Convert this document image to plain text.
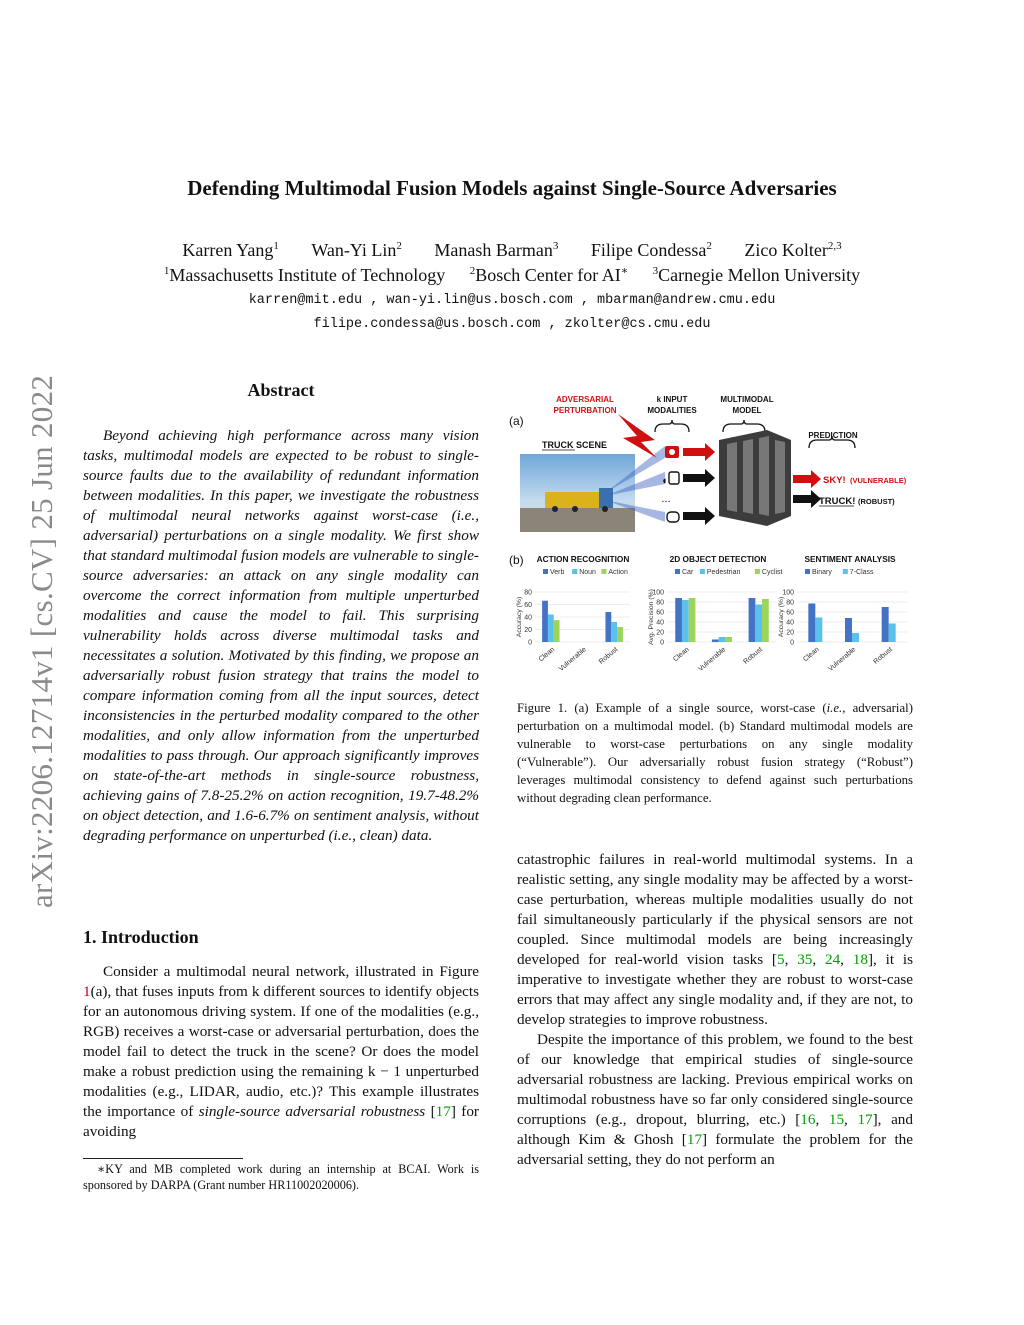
arXiv:2206.12714v1 [cs.CV] 25 Jun 2022
Defending Multimodal Fusion Models against Single-Source Adversaries
Karren Yang$^1$ Wan-Yi Lin$^2$ Manash Barman$^3$ Filipe Condessa$^2$ Zico Kolter$^{2,3}$
$^1$Massachusetts Institute of Technology $^2$Bosch Center for AI∗ $^3$Carnegie Mellon University
karren@mit.edu , wan-yi.lin@us.bosch.com , mbarman@andrew.cmu.edu
filipe.condessa@us.bosch.com , zkolter@cs.cmu.edu
Abstract
Beyond achieving high performance across many vision tasks, multimodal models are expected to be robust to single-source faults due to the availability of redundant information between modalities. In this paper, we investigate the robustness of multimodal neural networks against worst-case (i.e., adversarial) perturbations on a single modality. We first show that standard multimodal fusion models are vulnerable to single-source adversaries: an attack on any single modality can overcome the correct information from multiple unperturbed modalities and cause the model to fail. This surprising vulnerability holds across diverse multimodal tasks and necessitates a solution. Motivated by this finding, we propose an adversarially robust fusion strategy that trains the model to compare information coming from all the input sources, detect inconsistencies in the perturbed modality compared to the other modalities, and only allow information from the unperturbed modalities to pass through. Our approach significantly improves on state-of-the-art methods in single-source robustness, achieving gains of 7.8-25.2% on action recognition, 19.7-48.2% on object detection, and 1.6-6.7% on sentiment analysis, without degrading performance on unperturbed (i.e., clean) data.
1. Introduction
Consider a multimodal neural network, illustrated in Figure 1(a), that fuses inputs from k different sources to identify objects for an autonomous driving system. If one of the modalities (e.g., RGB) receives a worst-case or adversarial perturbation, does the model fail to detect the truck in the scene? Or does the model make a robust prediction using the remaining k − 1 unperturbed modalities (e.g., LIDAR, audio, etc.)? This example illustrates the importance of single-source adversarial robustness [17] for avoiding
∗KY and MB completed work during an internship at BCAI. Work is sponsored by DARPA (Grant number HR11002020006).
(a)
ADVERSARIAL
PERTURBATION
k INPUT
MODALITIES
MULTIMODAL
MODEL
PREDICTION
TRUCK SCENE
◖
...
SKY! (VULNERABLE)
TRUCK! (ROBUST)
(b) ACTION RECOGNITION
Verb Noun Action
Accuracy (%)
0
20
40
60
80
Clean Vulnerable Robust
2D OBJECT DETECTION
Car Pedestrian	Cyclist
Avg. Precision (%) 0
20
40
60
80
100
Clean Vulnerable Robust
SENTIMENT ANALYSIS
Binary	7-Class
Accuracy (%)
0
20
40
60
80
100
Clean Vulnerable Robust
Figure 1. (a) Example of a single source, worst-case (i.e., adversarial) perturbation on a multimodal model. (b) Standard multimodal models are vulnerable to worst-case perturbations on any single modality (“Vulnerable”). Our adversarially robust fusion strategy (“Robust”) leverages multimodal consistency to defend against such perturbations without degrading clean performance.

catastrophic failures in real-world multimodal systems. In a realistic setting, any single modality may be affected by a worst-case perturbation, whereas multiple modalities usually do not fail simultaneously particularly if the physical sensors are not coupled. Since multimodal models are being increasingly developed for real-world vision tasks [5, 35, 24, 18], it is imperative to investigate whether they are robust to worst-case errors that may affect any single modality and, if they are not, to develop strategies to improve robustness.

Despite the importance of this problem, we found to the best of our knowledge that empirical studies of single-source adversarial robustness are lacking. Previous empirical works on multimodal robustness have so far only considered single-source corruptions (e.g., dropout, blurring, etc.) [16, 15, 17], and although Kim & Ghosh [17] formulate the problem for the adversarial setting, they do not perform an
